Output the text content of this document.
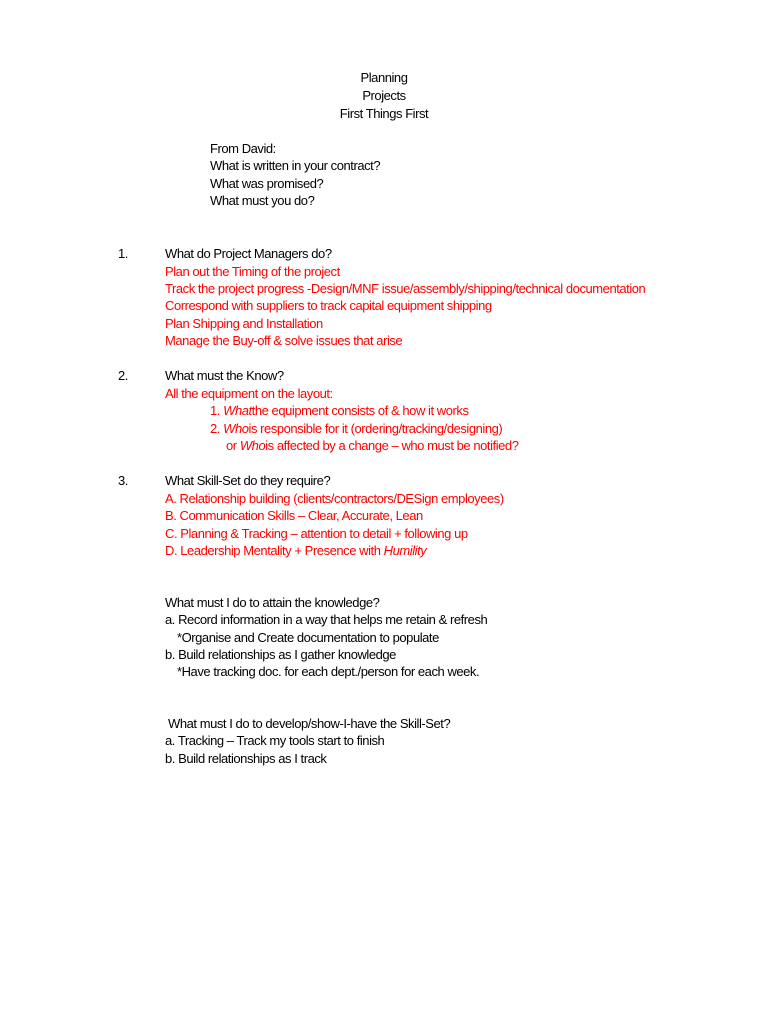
Planning
Projects
First Things First
From David:
What is written in your contract?
What was promised?
What must you do?
1.	What do Project Managers do?
Plan out the Timing of the project
Track the project progress -Design/MNF issue/assembly/shipping/technical documentation
Correspond with suppliers to track capital equipment shipping
Plan Shipping and Installation
Manage the Buy-off & solve issues that arise
2.	What must the Know?
All the equipment on the layout:
1. Whatthe equipment consists of & how it works
2. Whois responsible for it (ordering/tracking/designing)
or Whois affected by a change – who must be notified?
3.	What Skill-Set do they require?
A. Relationship building (clients/contractors/DESign employees)
B. Communication Skills – Clear, Accurate, Lean
C. Planning & Tracking – attention to detail + following up
D. Leadership Mentality + Presence with Humility
What must I do to attain the knowledge?
a. Record information in a way that helps me retain & refresh
*Organise and Create documentation to populate
b. Build relationships as I gather knowledge
*Have tracking doc. for each dept./person for each week.
What must I do to develop/show-I-have the Skill-Set?
a. Tracking – Track my tools start to finish
b. Build relationships as I track
